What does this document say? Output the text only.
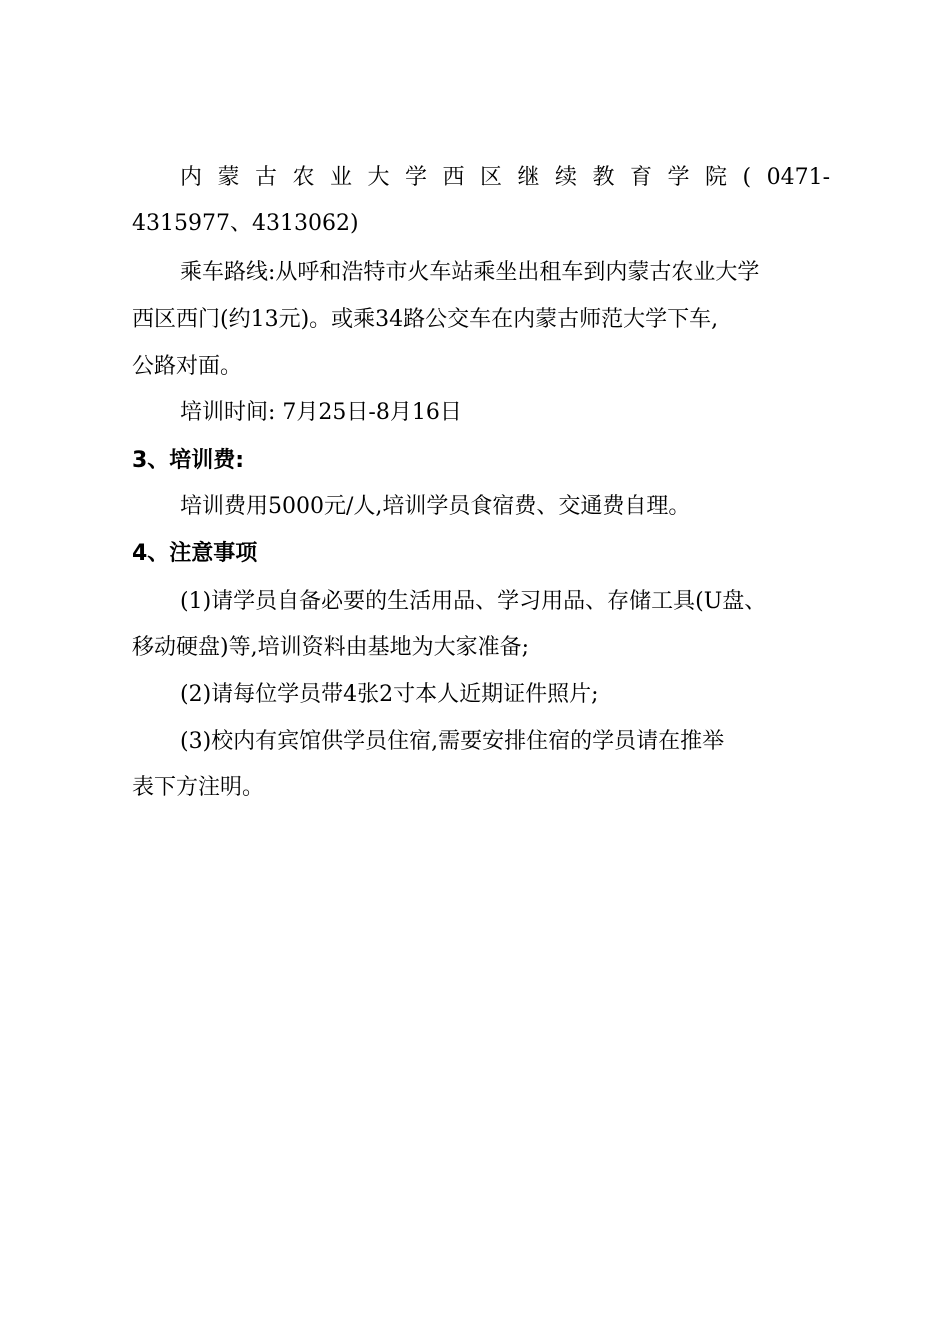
内 蒙 古 农 业 大 学 西 区 继 续 教 育 学 院 ( 0471-
4315977、4313062)
乘车路线:从呼和浩特市火车站乘坐出租车到内蒙古农业大学
西区西门(约13元)。或乘34路公交车在内蒙古师范大学下车,
公路对面。
培训时间: 7月25日-8月16日
3、培训费:
培训费用5000元/人,培训学员食宿费、交通费自理。
4、注意事项
(1)请学员自备必要的生活用品、学习用品、存储工具(U盘、
移动硬盘)等,培训资料由基地为大家准备;
(2)请每位学员带4张2寸本人近期证件照片;
(3)校内有宾馆供学员住宿,需要安排住宿的学员请在推举
表下方注明。
